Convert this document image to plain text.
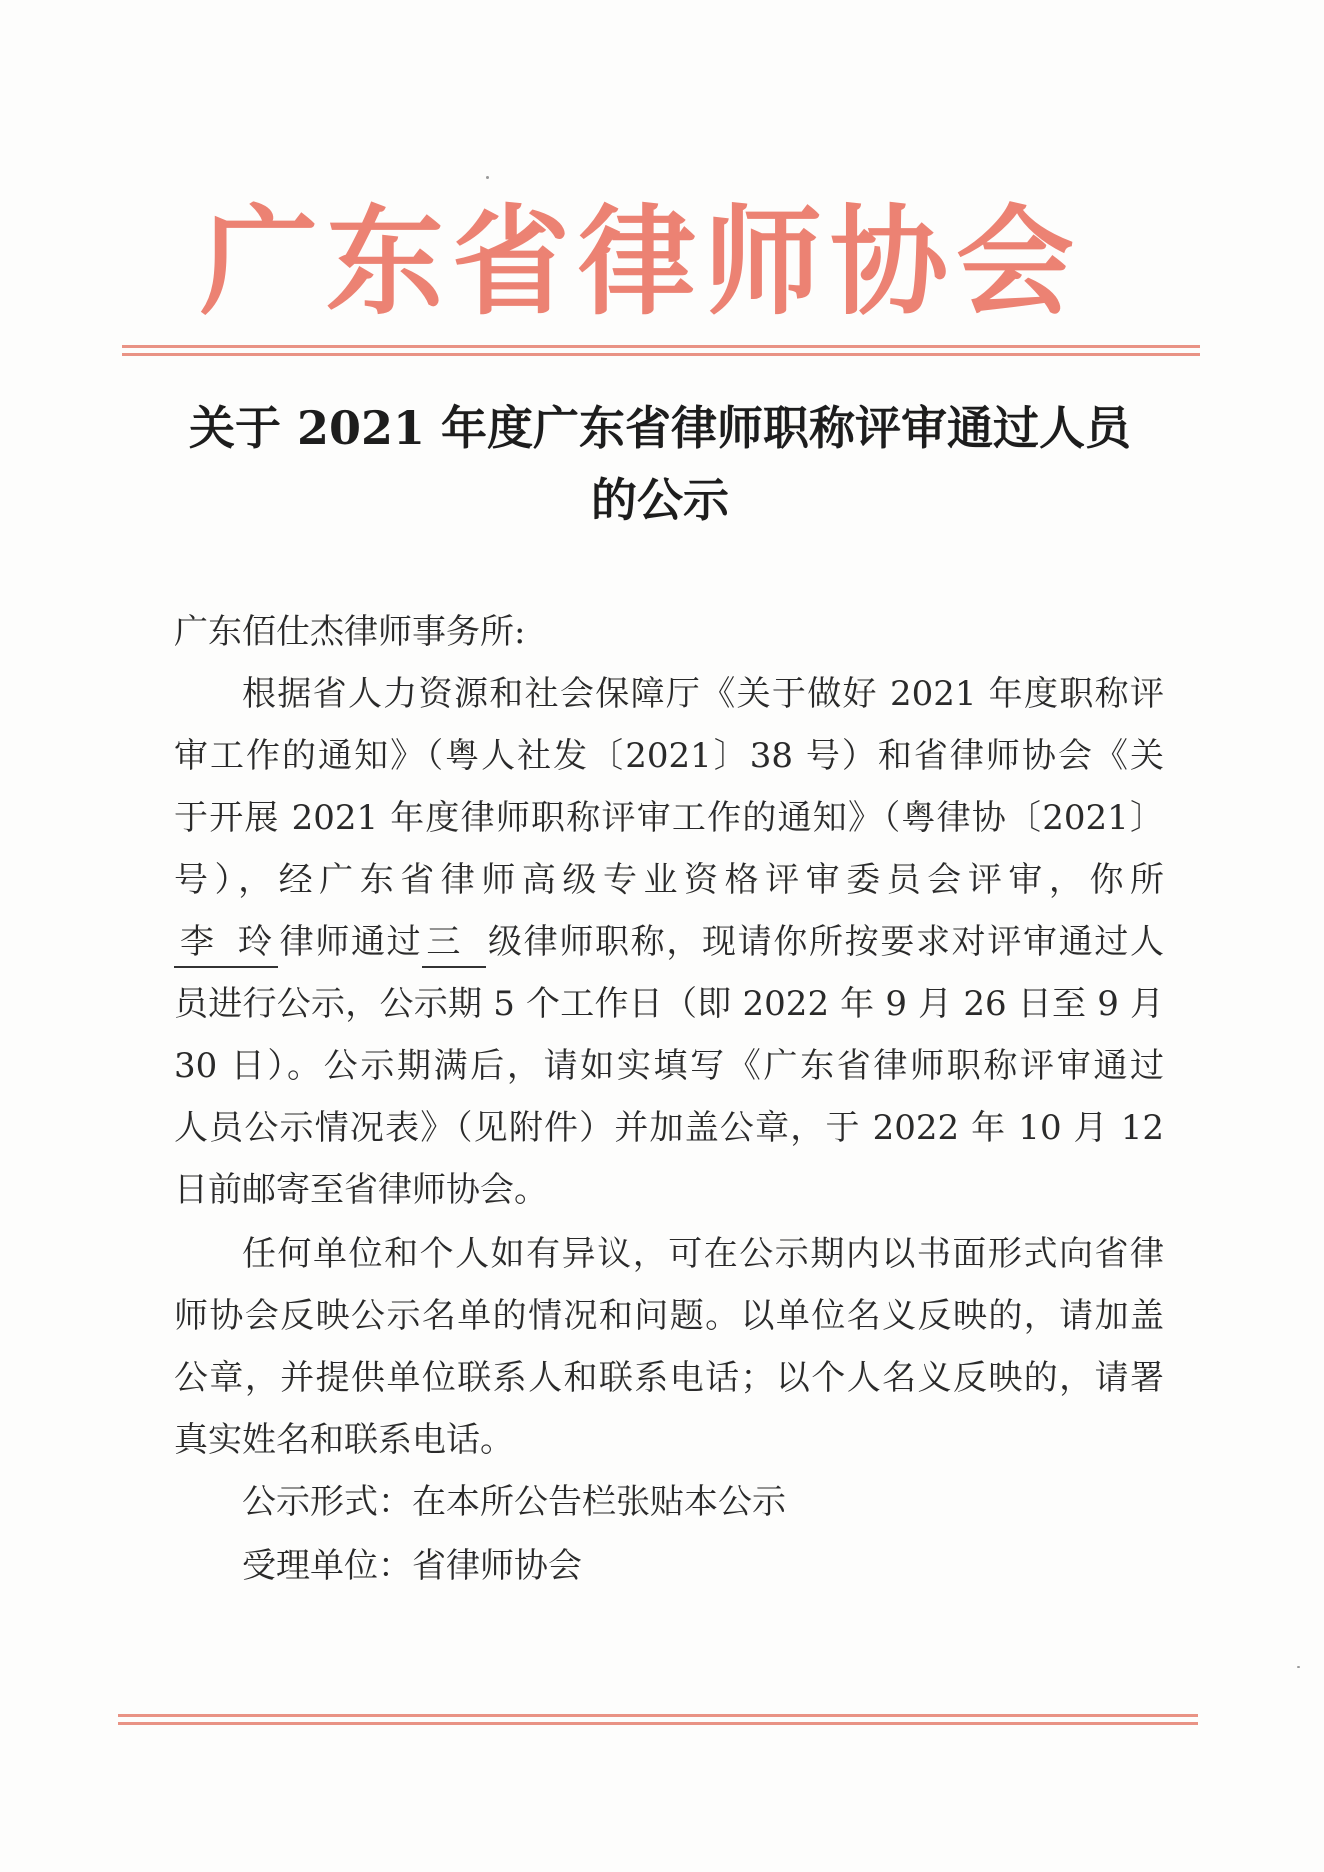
广东省律师协会
关于 2021 年度广东省律师职称评审通过人员
的公示
广东佰仕杰律师事务所:
根据省人力资源和社会保障厅《关于做好 2021 年度职称评
审工作的通知》（粤人社发〔2021〕38 号）和省律师协会《关
于开展 2021 年度律师职称评审工作的通知》（粤律协〔2021〕
号），经广东省律师高级专业资格评审委员会评审，你所
李玲 律师通过 三 级律师职称，现请你所按要求对评审通过人
员进行公示，公示期 5 个工作日（即 2022 年 9 月 26 日至 9 月
30 日）。公示期满后，请如实填写《广东省律师职称评审通过
人员公示情况表》（见附件）并加盖公章，于 2022 年 10 月 12
日前邮寄至省律师协会。
任何单位和个人如有异议，可在公示期内以书面形式向省律
师协会反映公示名单的情况和问题。以单位名义反映的，请加盖
公章，并提供单位联系人和联系电话；以个人名义反映的，请署
真实姓名和联系电话。
公示形式：在本所公告栏张贴本公示
受理单位：省律师协会
